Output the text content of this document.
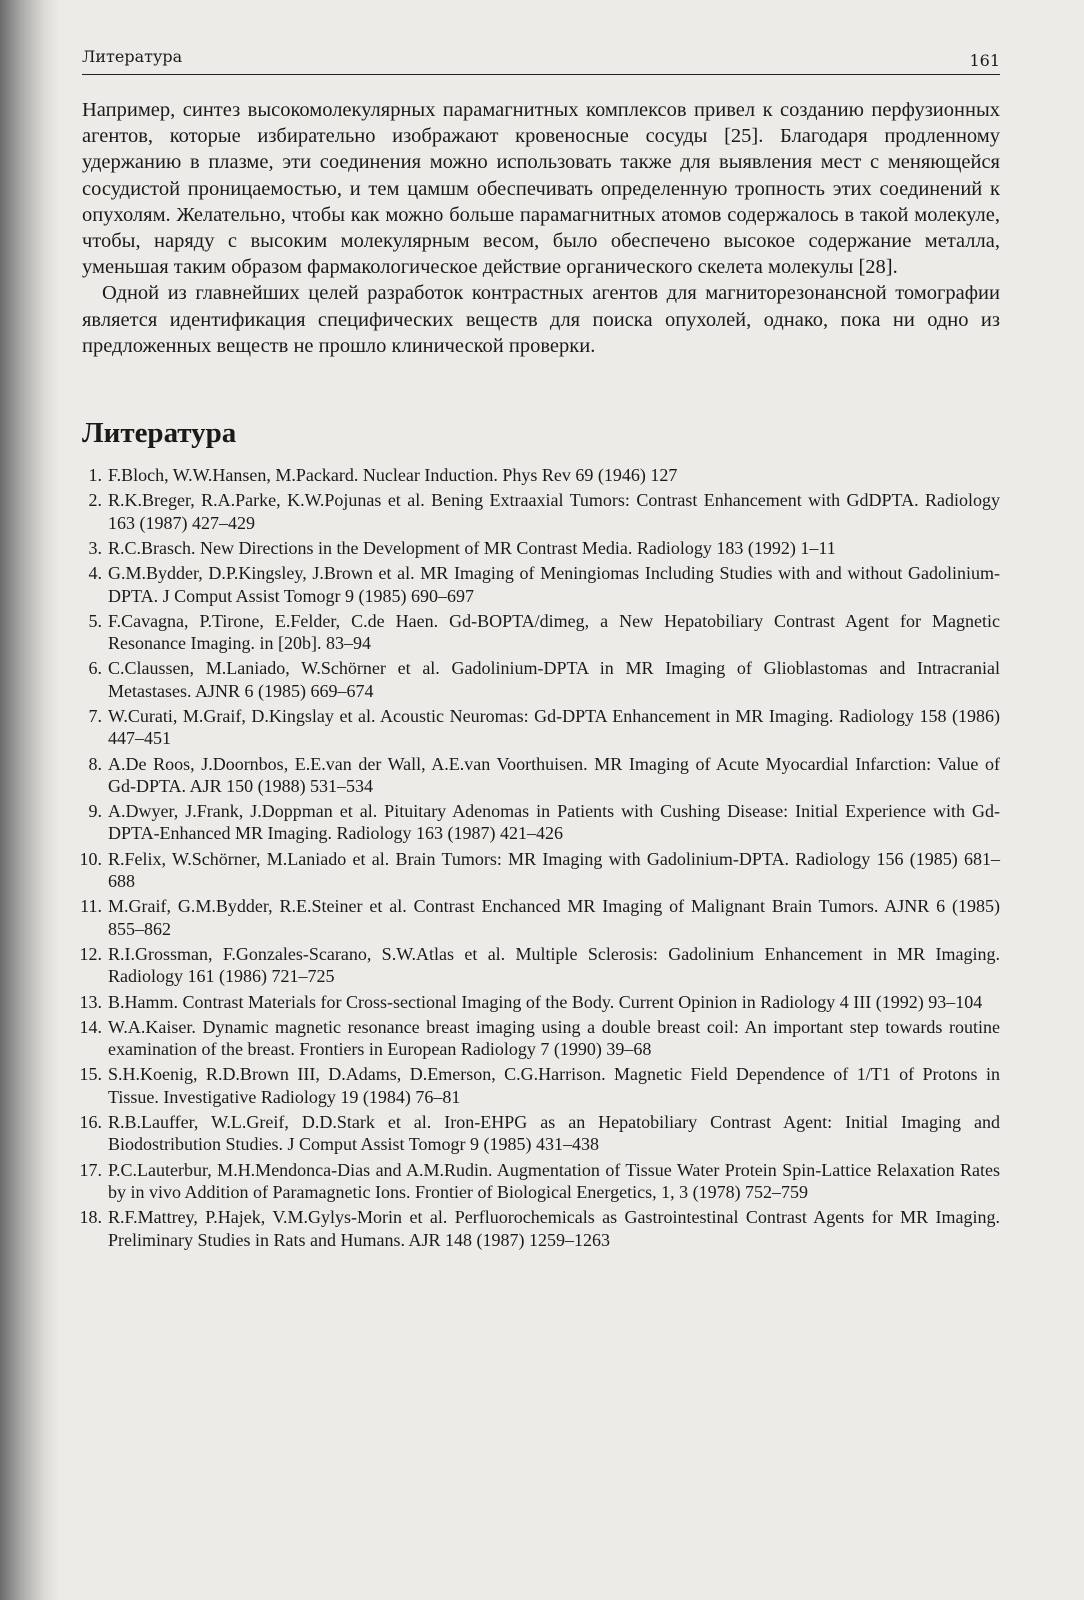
Литература	161

Например, синтез высокомолекулярных парамагнитных комплексов привел к созданию перфузионных агентов, которые избирательно изображают кровеносные сосуды [25]. Благодаря продленному удержанию в плазме, эти соединения можно использовать также для выявления мест с меняющейся сосудистой проницаемостью, и тем цамшм обеспечивать определенную тропность этих соединений к опухолям. Желательно, чтобы как можно больше парамагнитных атомов содержалось в такой молекуле, чтобы, наряду с высоким молекулярным весом, было обеспечено высокое содержание металла, уменьшая таким образом фармакологическое действие органического скелета молекулы [28].

Одной из главнейших целей разработок контрастных агентов для магниторезонансной томографии является идентификация специфических веществ для поиска опухолей, однако, пока ни одно из предложенных веществ не прошло клинической проверки.

Литература
1. F.Bloch, W.W.Hansen, M.Packard. Nuclear Induction. Phys Rev 69 (1946) 127
2. R.K.Breger, R.A.Parke, K.W.Pojunas et al. Bening Extraaxial Tumors: Contrast Enhancement with GdDPTA. Radiology 163 (1987) 427–429
3. R.C.Brasch. New Directions in the Development of MR Contrast Media. Radiology 183 (1992) 1–11
4. G.M.Bydder, D.P.Kingsley, J.Brown et al. MR Imaging of Meningiomas Including Studies with and without Gadolinium-DPTA. J Comput Assist Tomogr 9 (1985) 690–697
5. F.Cavagna, P.Tirone, E.Felder, C.de Haen. Gd-BOPTA/dimeg, a New Hepatobiliary Contrast Agent for Magnetic Resonance Imaging. in [20b]. 83–94
6. C.Claussen, M.Laniado, W.Schörner et al. Gadolinium-DPTA in MR Imaging of Glioblastomas and Intracranial Metastases. AJNR 6 (1985) 669–674
7. W.Curati, M.Graif, D.Kingslay et al. Acoustic Neuromas: Gd-DPTA Enhancement in MR Imaging. Radiology 158 (1986) 447–451
8. A.De Roos, J.Doornbos, E.E.van der Wall, A.E.van Voorthuisen. MR Imaging of Acute Myocardial Infarction: Value of Gd-DPTA. AJR 150 (1988) 531–534
9. A.Dwyer, J.Frank, J.Doppman et al. Pituitary Adenomas in Patients with Cushing Disease: Initial Experience with Gd-DPTA-Enhanced MR Imaging. Radiology 163 (1987) 421–426
10. R.Felix, W.Schörner, M.Laniado et al. Brain Tumors: MR Imaging with Gadolinium-DPTA. Radiology 156 (1985) 681–688
11. M.Graif, G.M.Bydder, R.E.Steiner et al. Contrast Enchanced MR Imaging of Malignant Brain Tumors. AJNR 6 (1985) 855–862
12. R.I.Grossman, F.Gonzales-Scarano, S.W.Atlas et al. Multiple Sclerosis: Gadolinium Enhancement in MR Imaging. Radiology 161 (1986) 721–725
13. B.Hamm. Contrast Materials for Cross-sectional Imaging of the Body. Current Opinion in Radiology 4 III (1992) 93–104
14. W.A.Kaiser. Dynamic magnetic resonance breast imaging using a double breast coil: An important step towards routine examination of the breast. Frontiers in European Radiology 7 (1990) 39–68
15. S.H.Koenig, R.D.Brown III, D.Adams, D.Emerson, C.G.Harrison. Magnetic Field Dependence of 1/T1 of Protons in Tissue. Investigative Radiology 19 (1984) 76–81
16. R.B.Lauffer, W.L.Greif, D.D.Stark et al. Iron-EHPG as an Hepatobiliary Contrast Agent: Initial Imaging and Biodostribution Studies. J Comput Assist Tomogr 9 (1985) 431–438
17. P.C.Lauterbur, M.H.Mendonca-Dias and A.M.Rudin. Augmentation of Tissue Water Protein Spin-Lattice Relaxation Rates by in vivo Addition of Paramagnetic Ions. Frontier of Biological Energetics, 1, 3 (1978) 752–759
18. R.F.Mattrey, P.Hajek, V.M.Gylys-Morin et al. Perfluorochemicals as Gastrointestinal Contrast Agents for MR Imaging. Preliminary Studies in Rats and Humans. AJR 148 (1987) 1259–1263
